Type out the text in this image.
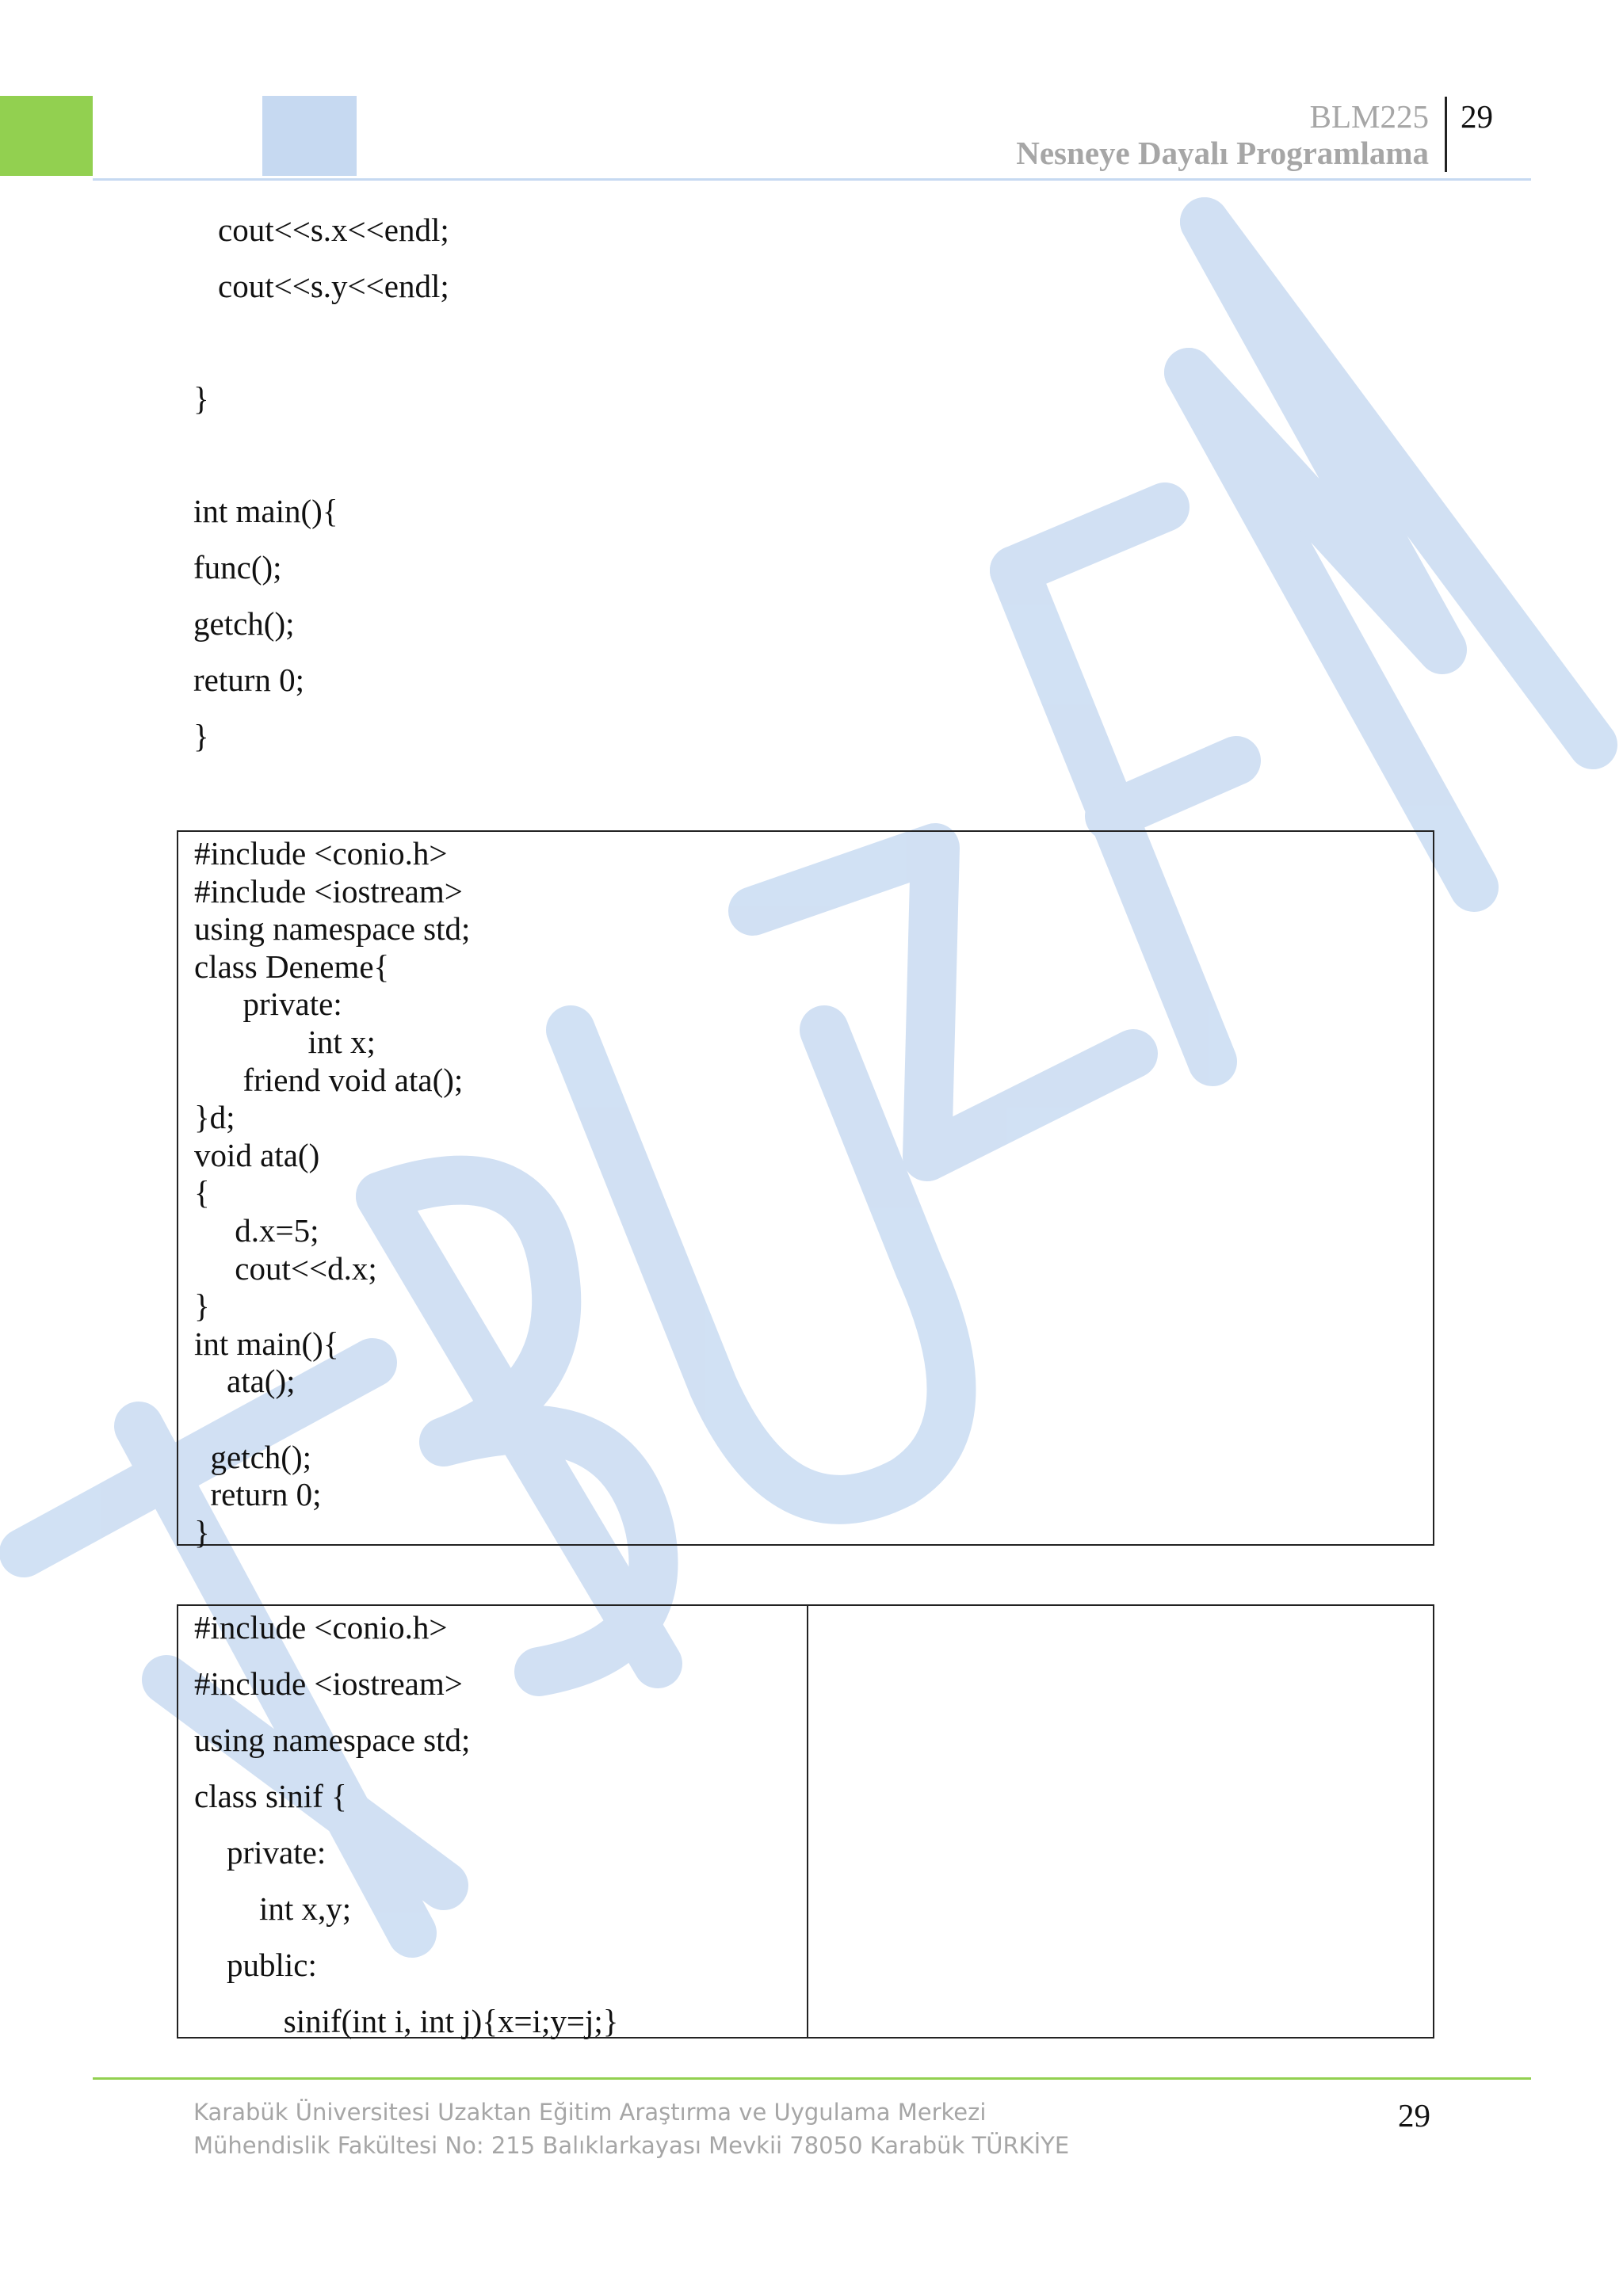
BLM225
Nesneye Dayalı Programlama
29
cout<<s.x<<endl;
cout<<s.y<<endl;
}
int main(){
func();
getch();
return 0;
}
#include <conio.h>
#include <iostream>
using namespace std;
class Deneme{
private:
int x;
friend void ata();
}d;
void ata()
{
d.x=5;
cout<<d.x;
}
int main(){
ata();
getch();
return 0;
}
#include <conio.h>
#include <iostream>
using namespace std;
class sinif {
private:
int x,y;
public:
sinif(int i, int j){x=i;y=j;}
Karabük Üniversitesi Uzaktan Eğitim Araştırma ve Uygulama Merkezi
Mühendislik Fakültesi No: 215 Balıklarkayası Mevkii 78050 Karabük TÜRKİYE
29
